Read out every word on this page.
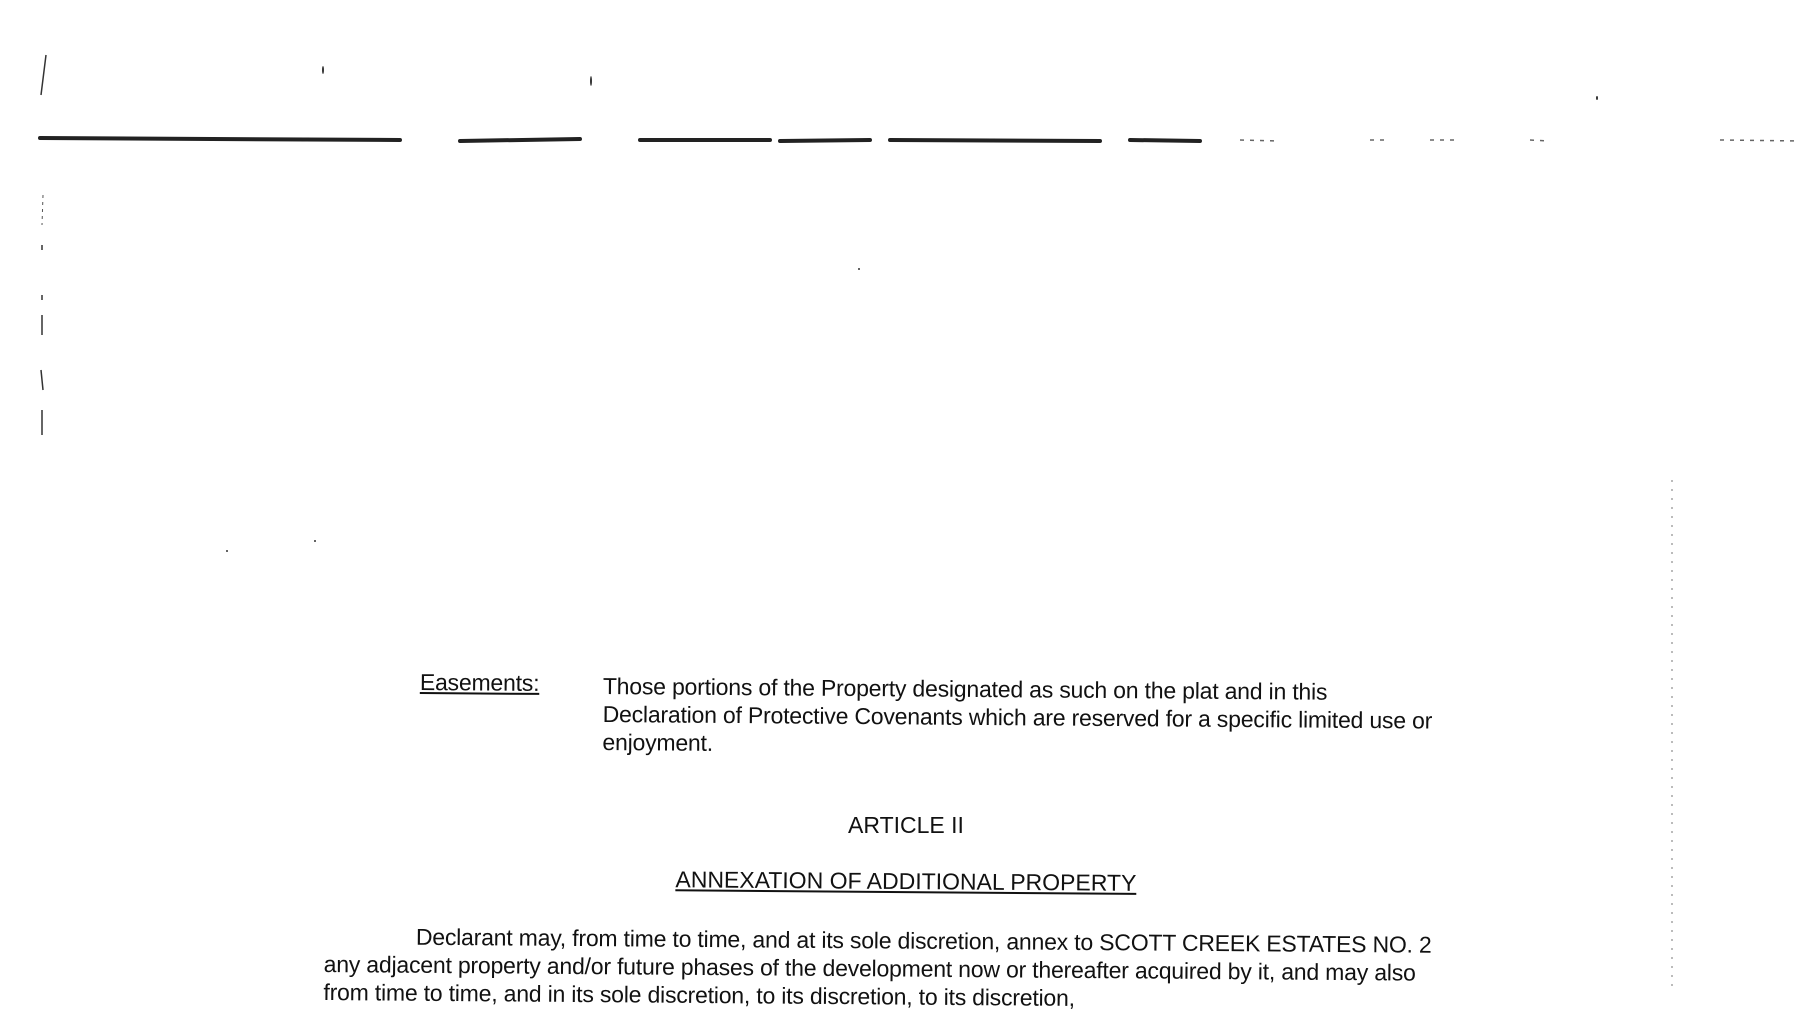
Easements:	Those portions of the Property designated as such on the plat and in this Declaration of Protective Covenants which are reserved for a specific limited use or enjoyment.
ARTICLE II
ANNEXATION OF ADDITIONAL PROPERTY
Declarant may, from time to time, and at its sole discretion, annex to SCOTT CREEK ESTATES NO. 2 any adjacent property and/or future phases of the development now or thereafter acquired by it, and may also from time to time, and in its sole discretion, to its discretion, to its discretion,
